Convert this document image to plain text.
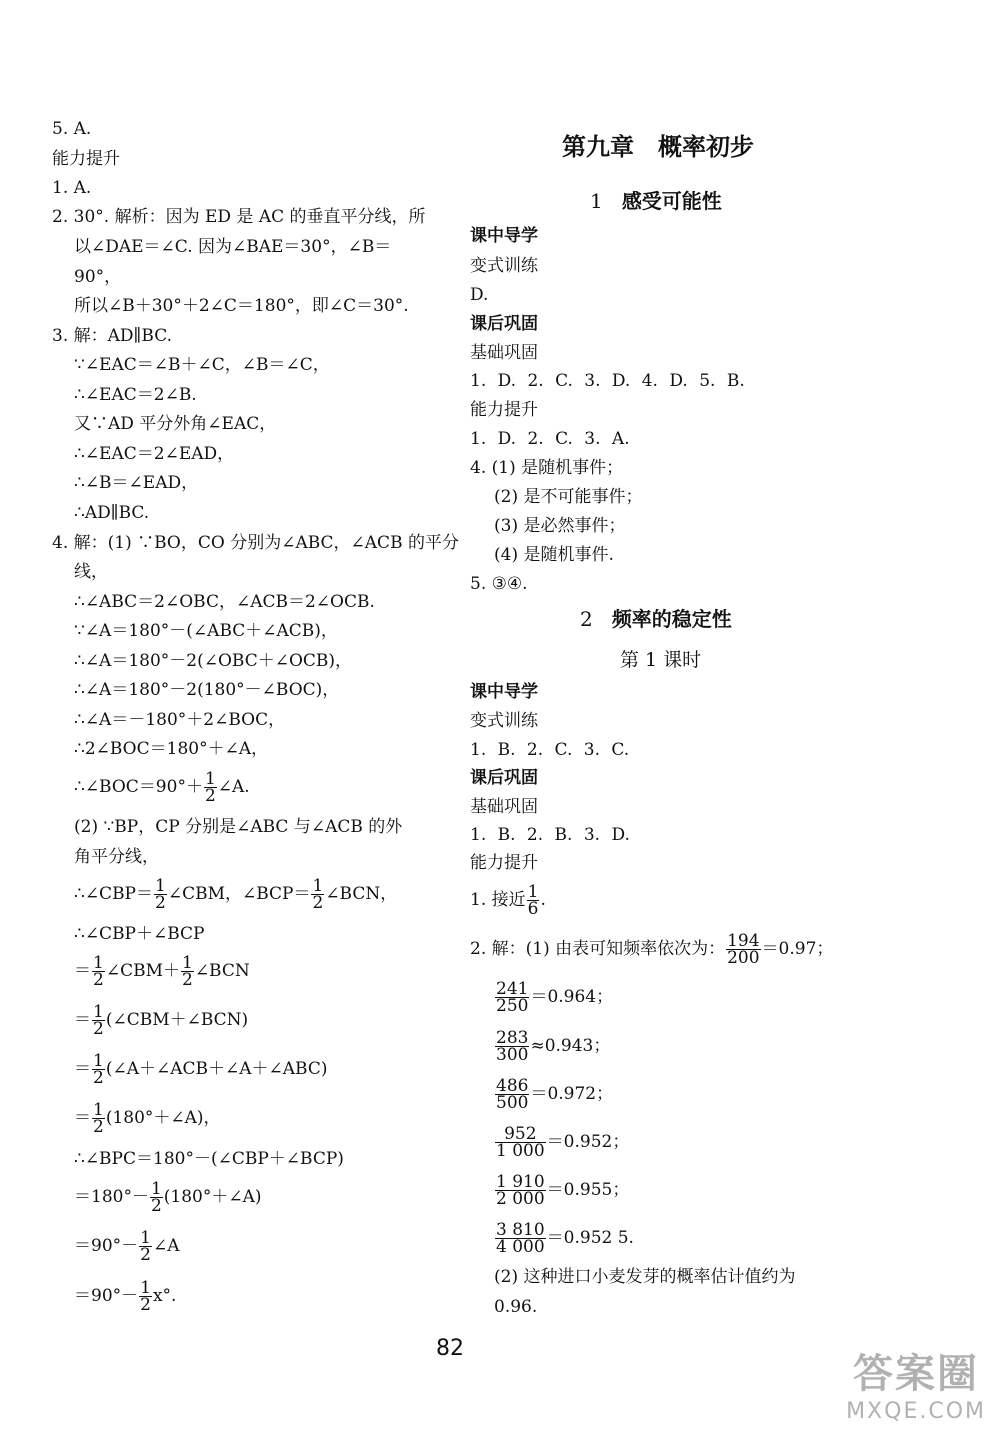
5. A.
能力提升
1. A.
2. 30°. 解析：因为 ED 是 AC 的垂直平分线，所
以∠DAE＝∠C. 因为∠BAE＝30°，∠B＝
90°，
所以∠B＋30°＋2∠C＝180°，即∠C＝30°.
3. 解：AD∥BC.
∵∠EAC＝∠B＋∠C，∠B＝∠C，
∴∠EAC＝2∠B.
又∵AD 平分外角∠EAC，
∴∠EAC＝2∠EAD，
∴∠B＝∠EAD，
∴AD∥BC.
4. 解：(1) ∵BO，CO 分别为∠ABC，∠ACB 的平分
线，
∴∠ABC＝2∠OBC，∠ACB＝2∠OCB.
∵∠A＝180°－(∠ABC＋∠ACB)，
∴∠A＝180°－2(∠OBC＋∠OCB)，
∴∠A＝180°－2(180°－∠BOC)，
∴∠A＝－180°＋2∠BOC，
∴2∠BOC＝180°＋∠A，
∴∠BOC＝90°＋ $\frac{1}{2}$ ∠A.
(2) ∵BP，CP 分别是∠ABC 与∠ACB 的外
角平分线，
∴∠CBP＝ $\frac{1}{2}$ ∠CBM，∠BCP＝ $\frac{1}{2}$ ∠BCN，
∴∠CBP＋∠BCP
＝ $\frac{1}{2}$ ∠CBM＋ $\frac{1}{2}$ ∠BCN
＝ $\frac{1}{2}$ (∠CBM＋∠BCN)
＝ $\frac{1}{2}$ (∠A＋∠ACB＋∠A＋∠ABC)
＝ $\frac{1}{2}$ (180°＋∠A)，
∴∠BPC＝180°－(∠CBP＋∠BCP)
$=180^\circ- \frac{1}{2}$ (180°＋∠A)
$=90^\circ- \frac{1}{2}$ ∠A
$=90^\circ- \frac{1}{2} x^\circ$.
第九章　概率初步
1 感受可能性
课中导学
变式训练
D.
课后巩固
基础巩固
1. D. 2. C. 3. D. 4. D. 5. B.
能力提升
1. D. 2. C. 3. A.
4. (1) 是随机事件；
(2) 是不可能事件；
(3) 是必然事件；
(4) 是随机事件.
5. ③④.
2 频率的稳定性
第 1 课时
课中导学
变式训练
1. B. 2. C. 3. C.
课后巩固
基础巩固
1. B. 2. B. 3. D.
能力提升
1. 接近 $\frac{1}{6}$ .
2. 解：(1) 由表可知频率依次为： $\frac{194}{200} =0.97$；
$\frac{241}{250} =0.964$；
$\frac{283}{300} \approx 0.943$；
$\frac{486}{500} =0.972$；
$\frac{952}{1 000} =0.952$；
$\frac{1 910}{2 000} =0.955$；
$\frac{3 810}{4 000} =0.952$ 5.
(2) 这种进口小麦发芽的概率估计值约为
0.96.
82
答案圈
MXQE.COM
